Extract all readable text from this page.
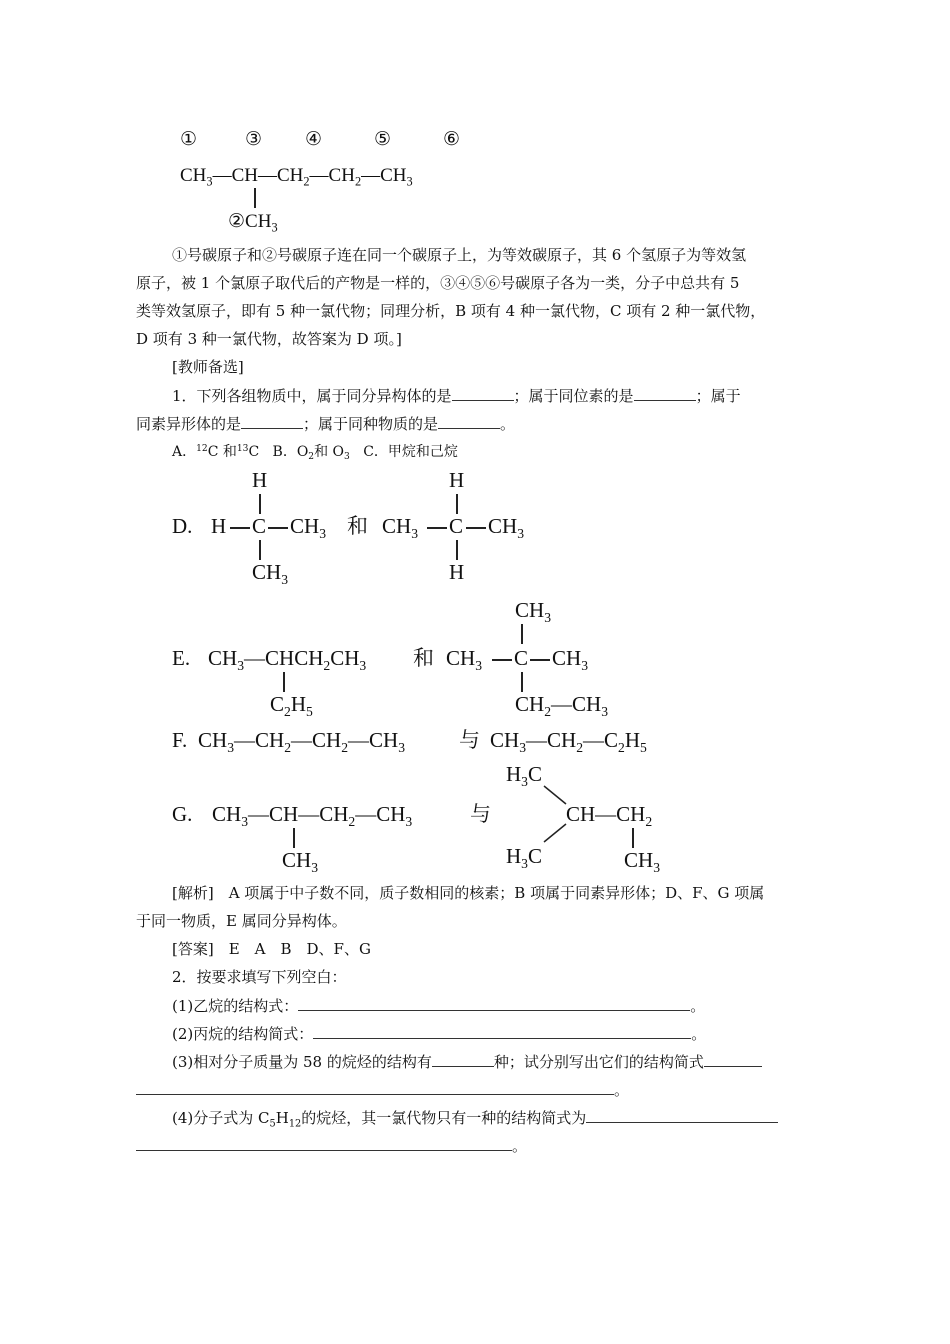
①	③ ④	⑤	⑥
$CH_3—CH—CH_2—CH_2—CH_3$
$②CH_3$
①号碳原子和②号碳原子连在同一个碳原子上，为等效碳原子，其 6 个氢原子为等效氢
原子，被 1 个氯原子取代后的产物是一样的，③④⑤⑥号碳原子各为一类，分子中总共有 5
类等效氢原子，即有 5 种一氯代物；同理分析，B 项有 4 种一氯代物，C 项有 2 种一氯代物，
D 项有 3 种一氯代物，故答案为 D 项。]
[教师备选]
1．下列各组物质中，属于同分异构体的是	；属于同位素的是	；属于
同素异形体的是	；属于同种物质的是	。
A．$^{12}$C 和$^{13}$C B．$O_2$和 $O_3$ C．甲烷和己烷
H
D. H C $CH_3$
$CH_3$
和
H
$CH_3$ C $CH_3$
H
E. $CH_3—CHCH_2CH_3$
$C_2H_5$
和
$CH_3$
$CH_3$ C $CH_3$
$CH_2—CH_3$
F. $CH_3—CH_2—CH_2—CH_3$	与 $CH_3—CH_2—C_2H_5$
G. $CH_3—CH—CH_2—CH_3$
$CH_3$
与
$H_3C$
$H_3C$
$CH—CH_2$
$CH_3$
[解析]　A 项属于中子数不同，质子数相同的核素；B 项属于同素异形体；D、F、G 项属
于同一物质，E 属同分异构体。
[答案]　E　A　B　D、F、G
2．按要求填写下列空白：
(1)乙烷的结构式：	。
(2)丙烷的结构简式：	。
(3)相对分子质量为 58 的烷烃的结构有	种；试分别写出它们的结构简式
。
(4)分子式为 $C_5H_{12}$的烷烃，其一氯代物只有一种的结构简式为
。
